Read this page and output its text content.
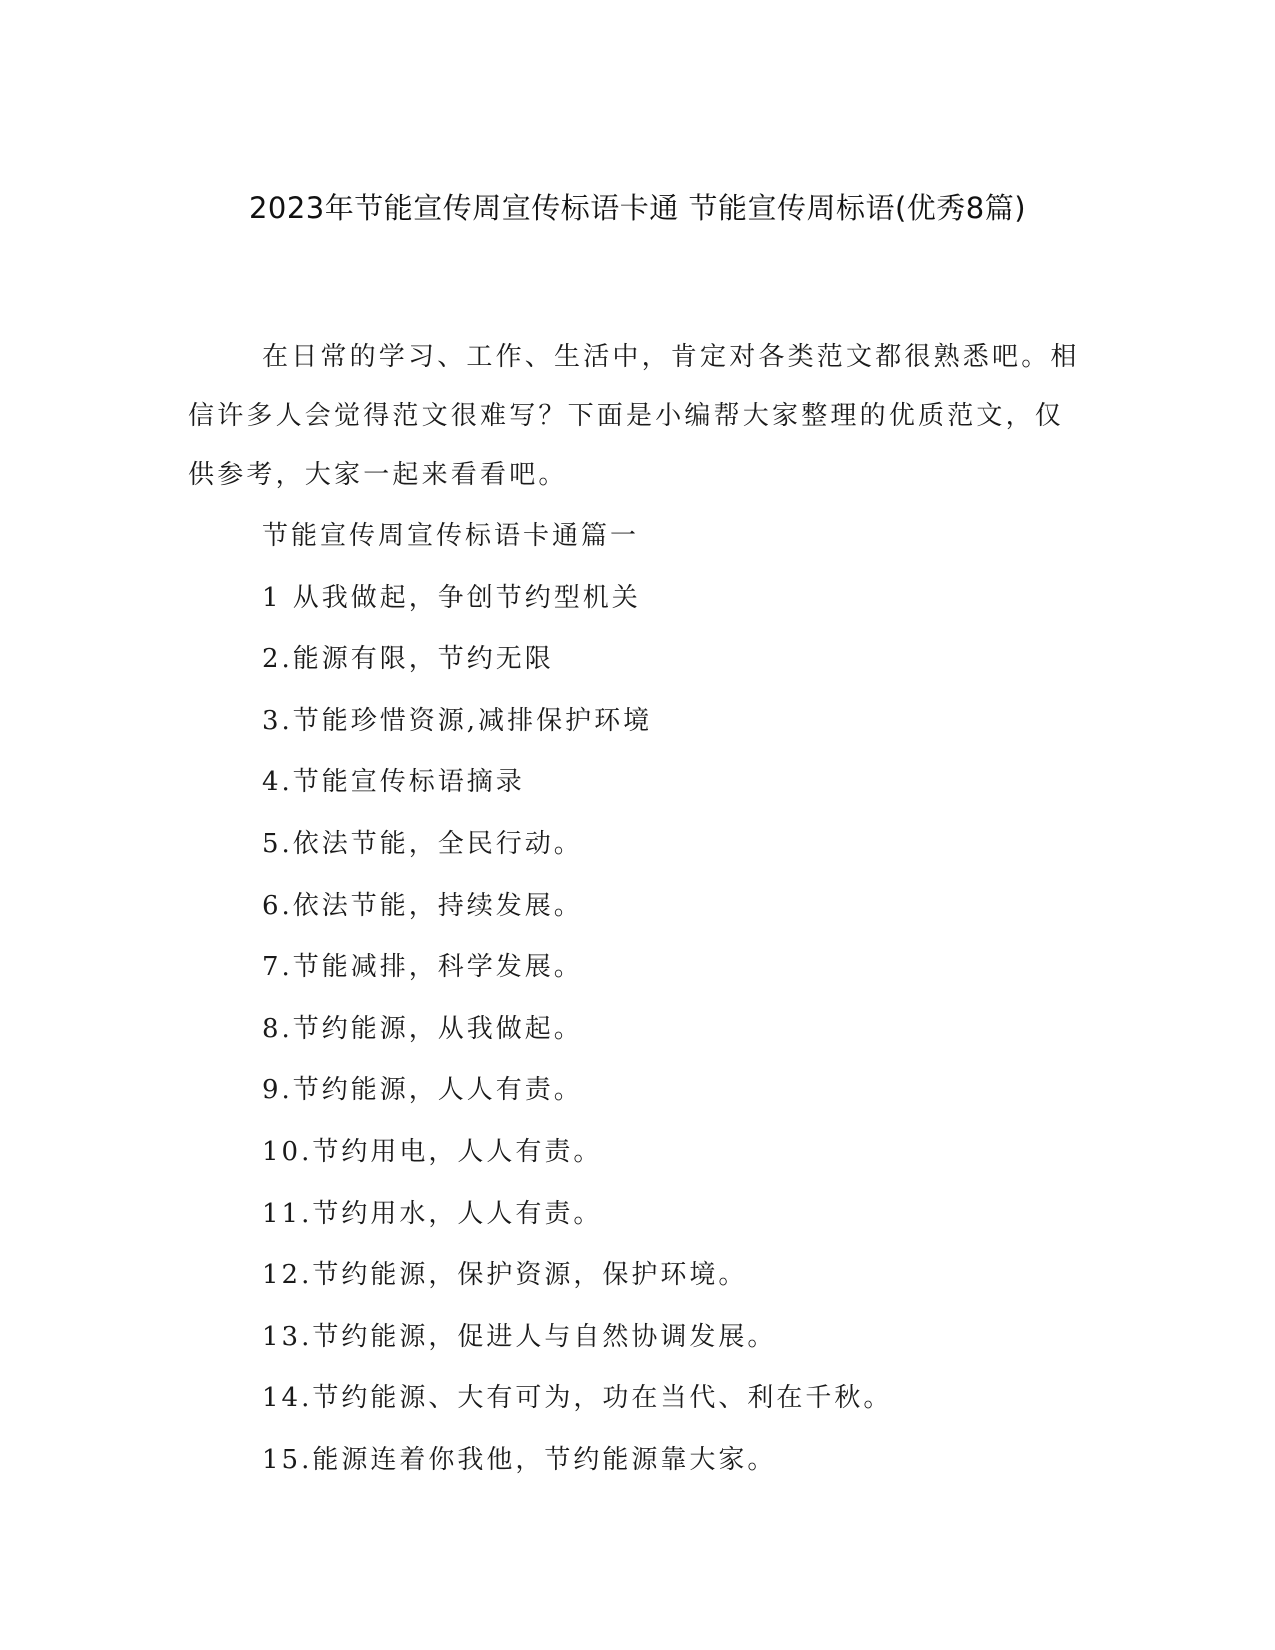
2023年节能宣传周宣传标语卡通 节能宣传周标语(优秀8篇)

在日常的学习、工作、生活中，肯定对各类范文都很熟悉吧。相信许多人会觉得范文很难写？下面是小编帮大家整理的优质范文，仅供参考，大家一起来看看吧。

节能宣传周宣传标语卡通篇一
1 从我做起，争创节约型机关
2.能源有限，节约无限
3.节能珍惜资源,减排保护环境
4.节能宣传标语摘录
5.依法节能，全民行动。
6.依法节能，持续发展。
7.节能减排，科学发展。
8.节约能源，从我做起。
9.节约能源，人人有责。
10.节约用电，人人有责。
11.节约用水，人人有责。
12.节约能源，保护资源，保护环境。
13.节约能源，促进人与自然协调发展。
14.节约能源、大有可为，功在当代、利在千秋。
15.能源连着你我他，节约能源靠大家。
